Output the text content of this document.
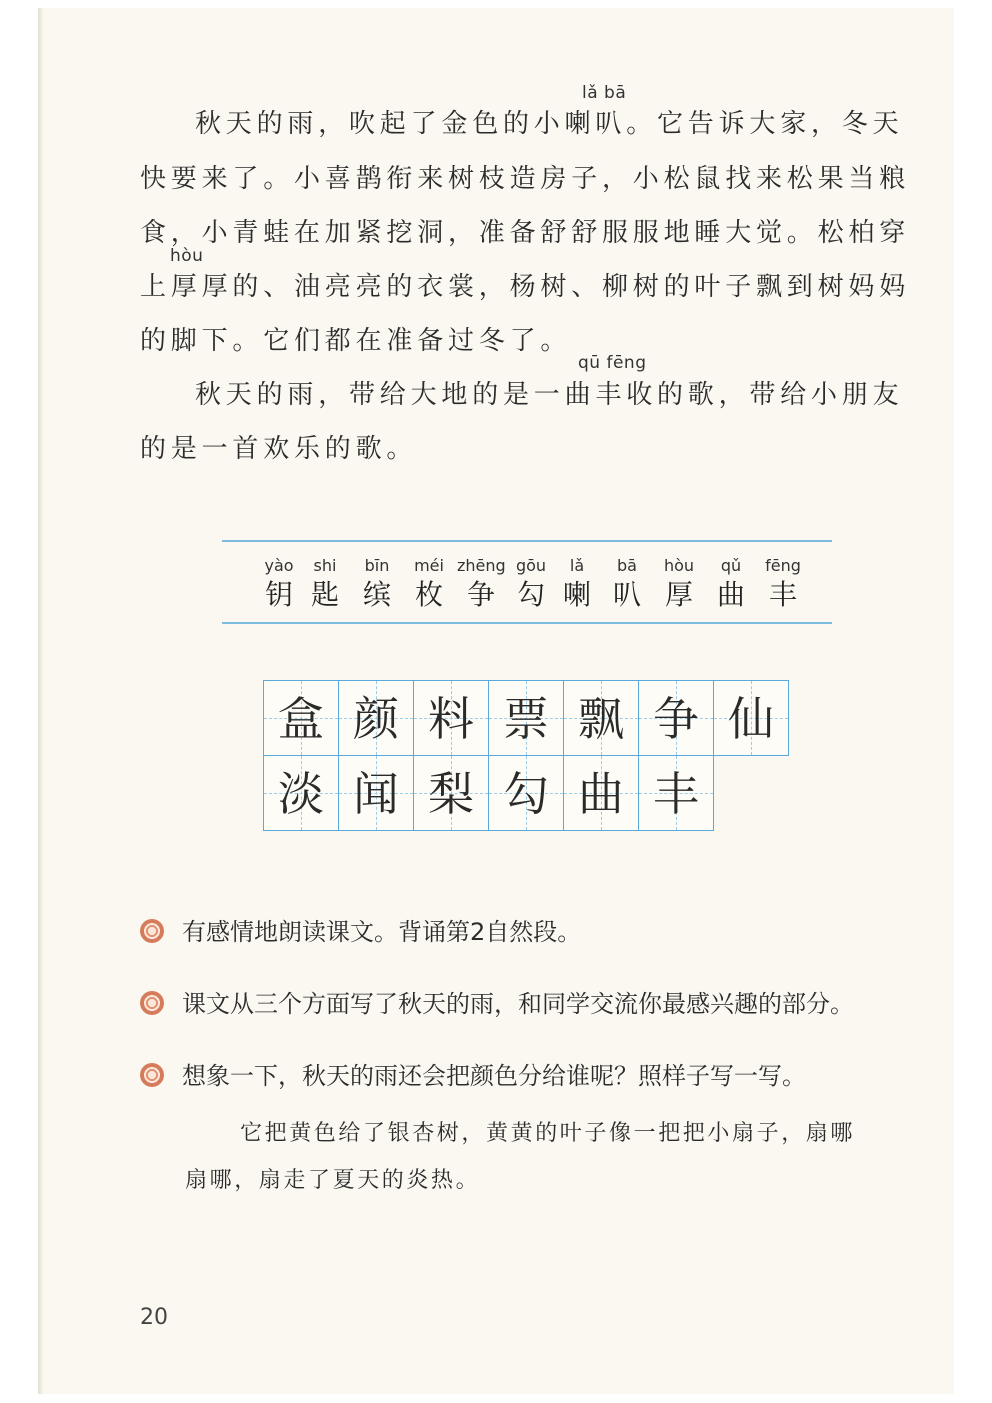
lǎ bā
hòu
qū fēng
秋天的雨，吹起了金色的小喇叭。它告诉大家，冬天
快要来了。小喜鹊衔来树枝造房子，小松鼠找来松果当粮
食，小青蛙在加紧挖洞，准备舒舒服服地睡大觉。松柏穿
上厚厚的、油亮亮的衣裳，杨树、柳树的叶子飘到树妈妈
的脚下。它们都在准备过冬了。
秋天的雨，带给大地的是一曲丰收的歌，带给小朋友
的是一首欢乐的歌。
yào
钥
shi
匙
bīn
缤
méi
枚
zhēng
争
gōu
勾
lǎ
喇
bā
叭
hòu
厚
qǔ
曲
fēng
丰
盒 颜 料 票 飘 争 仙
淡 闻 梨 勾 曲 丰
有感情地朗读课文。背诵第2自然段。
课文从三个方面写了秋天的雨，和同学交流你最感兴趣的部分。
想象一下，秋天的雨还会把颜色分给谁呢？照样子写一写。
它把黄色给了银杏树，黄黄的叶子像一把把小扇子，扇哪
扇哪，扇走了夏天的炎热。
20
